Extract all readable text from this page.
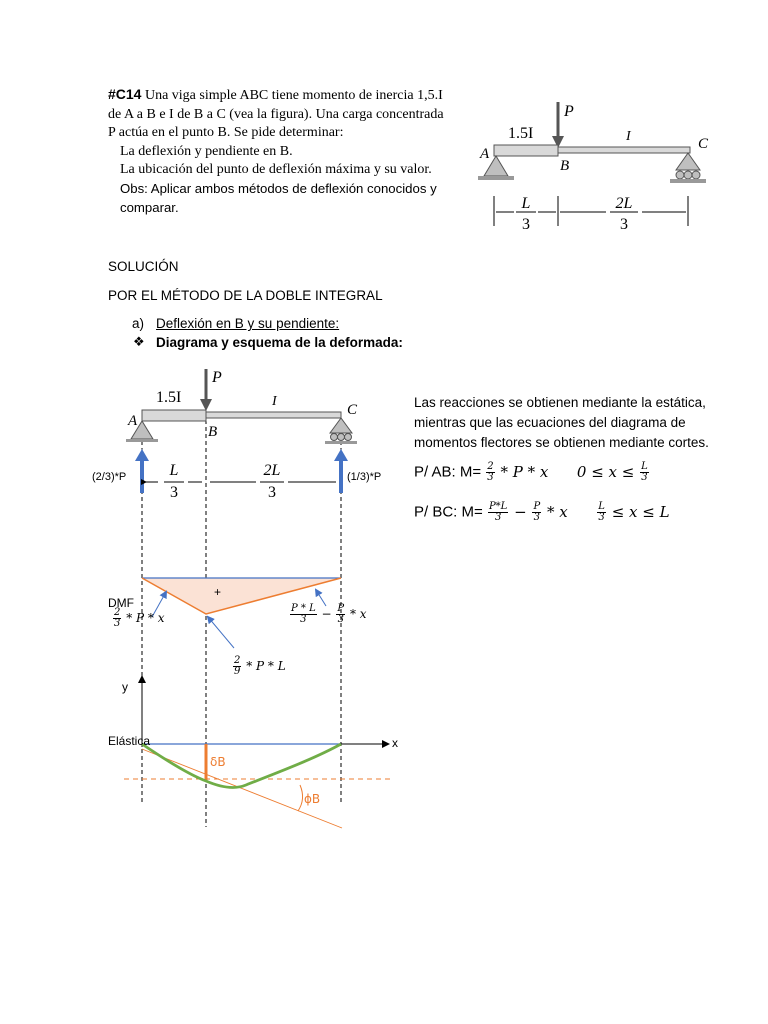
#C14 Una viga simple ABC tiene momento de inercia 1,5.I de A a B e I de B a C (vea la figura). Una carga concentrada P actúa en el punto B. Se pide determinar:
La deflexión y pendiente en B.
La ubicación del punto de deflexión máxima y su valor.
Obs: Aplicar ambos métodos de deflexión conocidos y comparar.
SOLUCIÓN
POR EL MÉTODO DE LA DOBLE INTEGRAL
a) Deflexión en B y su pendiente:
❖ Diagrama y esquema de la deformada:
P
1.5I	I
A
B
C
L
3
2L
3
P
1.5I	I
A
B
C
(2/3)*P	(1/3)*P
L
3
2L
3
+
y
x
ϕB
δB
$\frac{2}{3}$ * P * x
$\frac{2}{9}$ * P * L
$\frac{P * L}{3} - \frac{P}{3} * x$
DMF
Elástica
Las reacciones se obtienen mediante la estática, mientras que las ecuaciones del diagrama de momentos flectores se obtienen mediante cortes.
P/ AB: $M= \frac{2}{3} * P * x$      $0 \le x \le \frac{L}{3}$
P/ BC: $M= \frac{P*L}{3} - \frac{P}{3} * x \frac{L}{3} \le x \le L$
